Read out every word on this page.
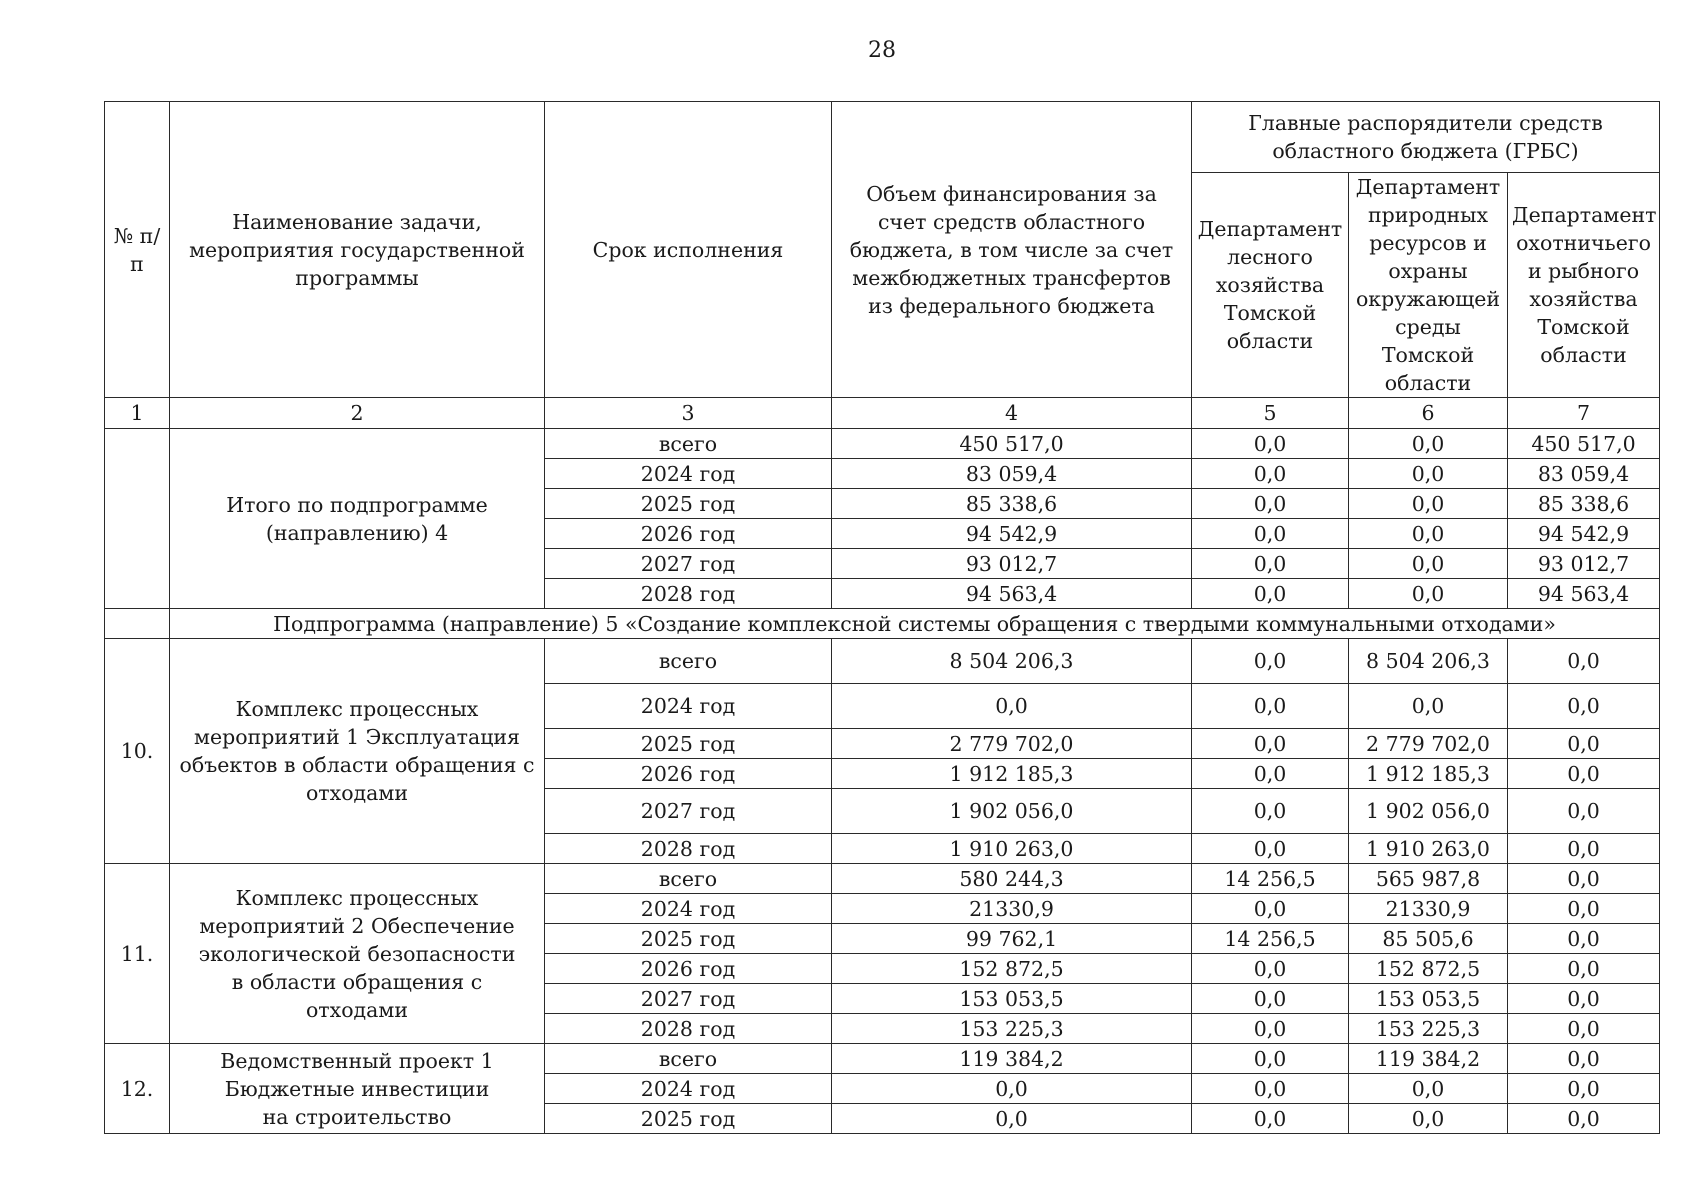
28
№ п/п	Наименование задачи, мероприятия государственной программы	Срок исполнения	Объем финансирования за счет средств областного бюджета, в том числе за счет межбюджетных трансфертов из федерального бюджета	Главные распорядители средств областного бюджета (ГРБС)		
				Департамент лесного хозяйства Томской области	Департамент природных ресурсов и охраны окружающей среды Томской области	Департамент охотничьего и рыбного хозяйства Томской области
1	2	3	4	5	6	7
	Итого по подпрограмме (направлению) 4	всего	450 517,0	0,0	0,0	450 517,0
		2024 год	83 059,4	0,0	0,0	83 059,4
		2025 год	85 338,6	0,0	0,0	85 338,6
		2026 год	94 542,9	0,0	0,0	94 542,9
		2027 год	93 012,7	0,0	0,0	93 012,7
		2028 год	94 563,4	0,0	0,0	94 563,4
	Подпрограмма (направление) 5 «Создание комплексной системы обращения с твердыми коммунальными отходами»					
10.	Комплекс процессных мероприятий 1 Эксплуатация объектов в области обращения с отходами	всего	8 504 206,3	0,0	8 504 206,3	0,0
		2024 год	0,0	0,0	0,0	0,0
		2025 год	2 779 702,0	0,0	2 779 702,0	0,0
		2026 год	1 912 185,3	0,0	1 912 185,3	0,0
		2027 год	1 902 056,0	0,0	1 902 056,0	0,0
		2028 год	1 910 263,0	0,0	1 910 263,0	0,0
11.	Комплекс процессных мероприятий 2 Обеспечение экологической безопасности в области обращения с отходами	всего	580 244,3	14 256,5	565 987,8	0,0
		2024 год	21330,9	0,0	21330,9	0,0
		2025 год	99 762,1	14 256,5	85 505,6	0,0
		2026 год	152 872,5	0,0	152 872,5	0,0
		2027 год	153 053,5	0,0	153 053,5	0,0
		2028 год	153 225,3	0,0	153 225,3	0,0
12.	Ведомственный проект 1 Бюджетные инвестиции на строительство	всего	119 384,2	0,0	119 384,2	0,0
		2024 год	0,0	0,0	0,0	0,0
		2025 год	0,0	0,0	0,0	0,0
